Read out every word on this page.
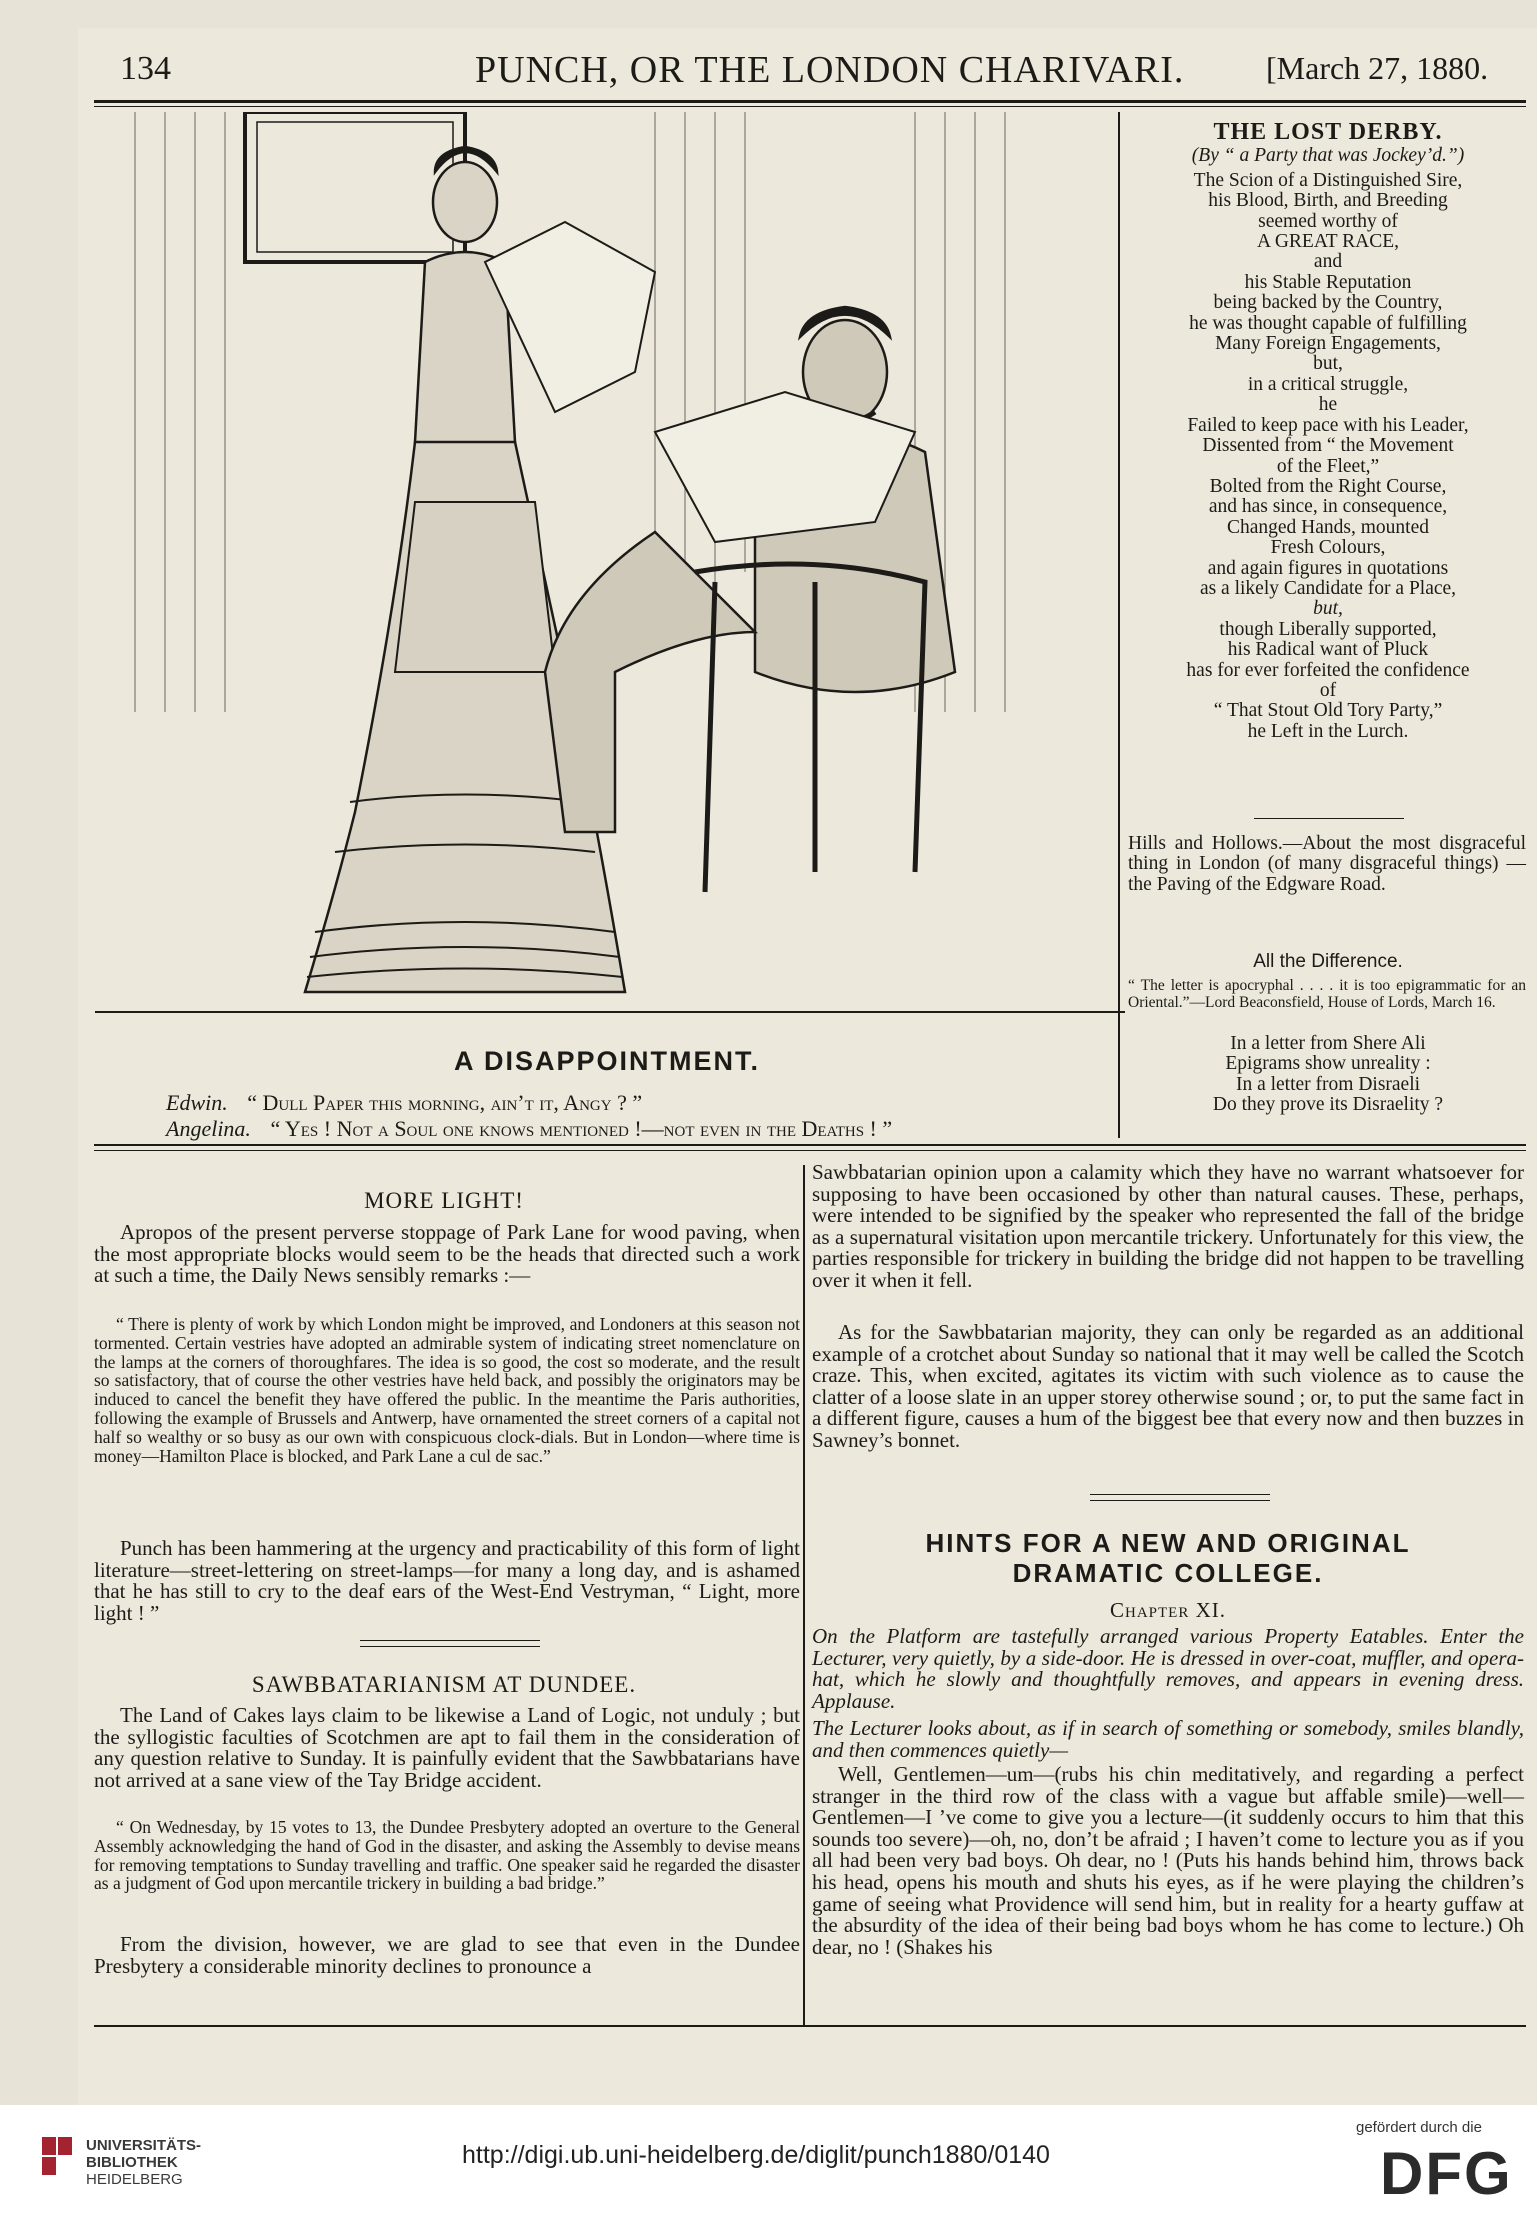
134	PUNCH, OR THE LONDON CHARIVARI.	[March 27, 1880.
A DISAPPOINTMENT.
Edwin. “ Dull Paper this morning, ain’t it, Angy ? ”
Angelina. “ Yes ! Not a Soul one knows mentioned !—not even in the Deaths ! ”
THE LOST DERBY.
(By “ a Party that was Jockey’d.”)
The Scion of a Distinguished Sire,
his Blood, Birth, and Breeding
seemed worthy of
A GREAT RACE,
and
his Stable Reputation
being backed by the Country,
he was thought capable of fulfilling
Many Foreign Engagements,
but,
in a critical struggle,
he
Failed to keep pace with his Leader,
Dissented from “ the Movement
of the Fleet,”
Bolted from the Right Course,
and has since, in consequence,
Changed Hands, mounted
Fresh Colours,
and again figures in quotations
as a likely Candidate for a Place,
but,
though Liberally supported,
his Radical want of Pluck
has for ever forfeited the confidence
of
“ That Stout Old Tory Party,”
he Left in the Lurch.
Hills and Hollows.—About the most disgraceful thing in London (of many disgraceful things) — the Paving of the Edgware Road.
All the Difference.
“ The letter is apocryphal . . . . it is too epigrammatic for an Oriental.”—Lord Beaconsfield, House of Lords, March 16.
In a letter from Shere Ali
Epigrams show unreality :
In a letter from Disraeli
Do they prove its Disraelity ?
MORE LIGHT!
Apropos of the present perverse stoppage of Park Lane for wood paving, when the most appropriate blocks would seem to be the heads that directed such a work at such a time, the Daily News sensibly remarks :—
“ There is plenty of work by which London might be improved, and Londoners at this season not tormented. Certain vestries have adopted an admirable system of indicating street nomenclature on the lamps at the corners of thoroughfares. The idea is so good, the cost so moderate, and the result so satisfactory, that of course the other vestries have held back, and possibly the originators may be induced to cancel the benefit they have offered the public. In the meantime the Paris authorities, following the example of Brussels and Antwerp, have ornamented the street corners of a capital not half so wealthy or so busy as our own with conspicuous clock-dials. But in London—where time is money—Hamilton Place is blocked, and Park Lane a cul de sac.”
Punch has been hammering at the urgency and practicability of this form of light literature—street-lettering on street-lamps—for many a long day, and is ashamed that he has still to cry to the deaf ears of the West-End Vestryman, “ Light, more light ! ”
SAWBBATARIANISM AT DUNDEE.
The Land of Cakes lays claim to be likewise a Land of Logic, not unduly ; but the syllogistic faculties of Scotchmen are apt to fail them in the consideration of any question relative to Sunday. It is painfully evident that the Sawbbatarians have not arrived at a sane view of the Tay Bridge accident.
“ On Wednesday, by 15 votes to 13, the Dundee Presbytery adopted an overture to the General Assembly acknowledging the hand of God in the disaster, and asking the Assembly to devise means for removing temptations to Sunday travelling and traffic. One speaker said he regarded the disaster as a judgment of God upon mercantile trickery in building a bad bridge.”
From the division, however, we are glad to see that even in the Dundee Presbytery a considerable minority declines to pronounce a
Sawbbatarian opinion upon a calamity which they have no warrant whatsoever for supposing to have been occasioned by other than natural causes. These, perhaps, were intended to be signified by the speaker who represented the fall of the bridge as a supernatural visitation upon mercantile trickery. Unfortunately for this view, the parties responsible for trickery in building the bridge did not happen to be travelling over it when it fell.
As for the Sawbbatarian majority, they can only be regarded as an additional example of a crotchet about Sunday so national that it may well be called the Scotch craze. This, when excited, agitates its victim with such violence as to cause the clatter of a loose slate in an upper storey otherwise sound ; or, to put the same fact in a different figure, causes a hum of the biggest bee that every now and then buzzes in Sawney’s bonnet.
HINTS FOR A NEW AND ORIGINAL
DRAMATIC COLLEGE.
Chapter XI.
On the Platform are tastefully arranged various Property Eatables. Enter the Lecturer, very quietly, by a side-door. He is dressed in over-coat, muffler, and opera-hat, which he slowly and thoughtfully removes, and appears in evening dress. Applause.
The Lecturer looks about, as if in search of something or somebody, smiles blandly, and then commences quietly—
Well, Gentlemen—um—(rubs his chin meditatively, and regarding a perfect stranger in the third row of the class with a vague but affable smile)—well—Gentlemen—I ’ve come to give you a lecture—(it suddenly occurs to him that this sounds too severe)—oh, no, don’t be afraid ; I haven’t come to lecture you as if you all had been very bad boys. Oh dear, no ! (Puts his hands behind him, throws back his head, opens his mouth and shuts his eyes, as if he were playing the children’s game of seeing what Providence will send him, but in reality for a hearty guffaw at the absurdity of the idea of their being bad boys whom he has come to lecture.) Oh dear, no ! (Shakes his
UNIVERSITÄTS-
BIBLIOTHEK
HEIDELBERG
http://digi.ub.uni-heidelberg.de/diglit/punch1880/0140
gefördert durch die
DFG
